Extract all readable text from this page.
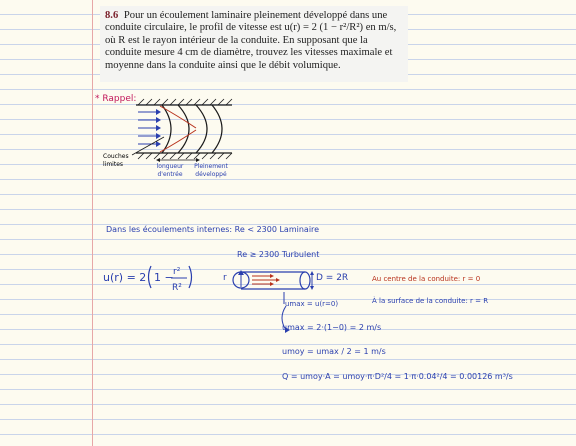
8.6 Pour un écoulement laminaire pleinement développé dans une conduite circulaire, le profil de vitesse est u(r) = 2 (1 − r²/R²) en m/s, où R est le rayon intérieur de la conduite. En supposant que la conduite mesure 4 cm de diamètre, trouvez les vitesses maximale et moyenne dans la conduite ainsi que le débit volumique.
* Rappel:
u(r) = 2 1 − r²
R²
Couches limites	longueur d'entrée
Pleinement développé
Dans les écoulements internes: Re < 2300 Laminaire
Re ≥ 2300 Turbulent
r	D = 2R	Au centre de la conduite: r = 0
À la surface de la conduite: r = R
umax = u(r=0)
umax = 2·(1−0) = 2 m/s
umoy = umax / 2 = 1 m/s
Q = umoy·A = umoy·π·D²/4 = 1·π·0.04²/4 = 0.00126 m³/s
